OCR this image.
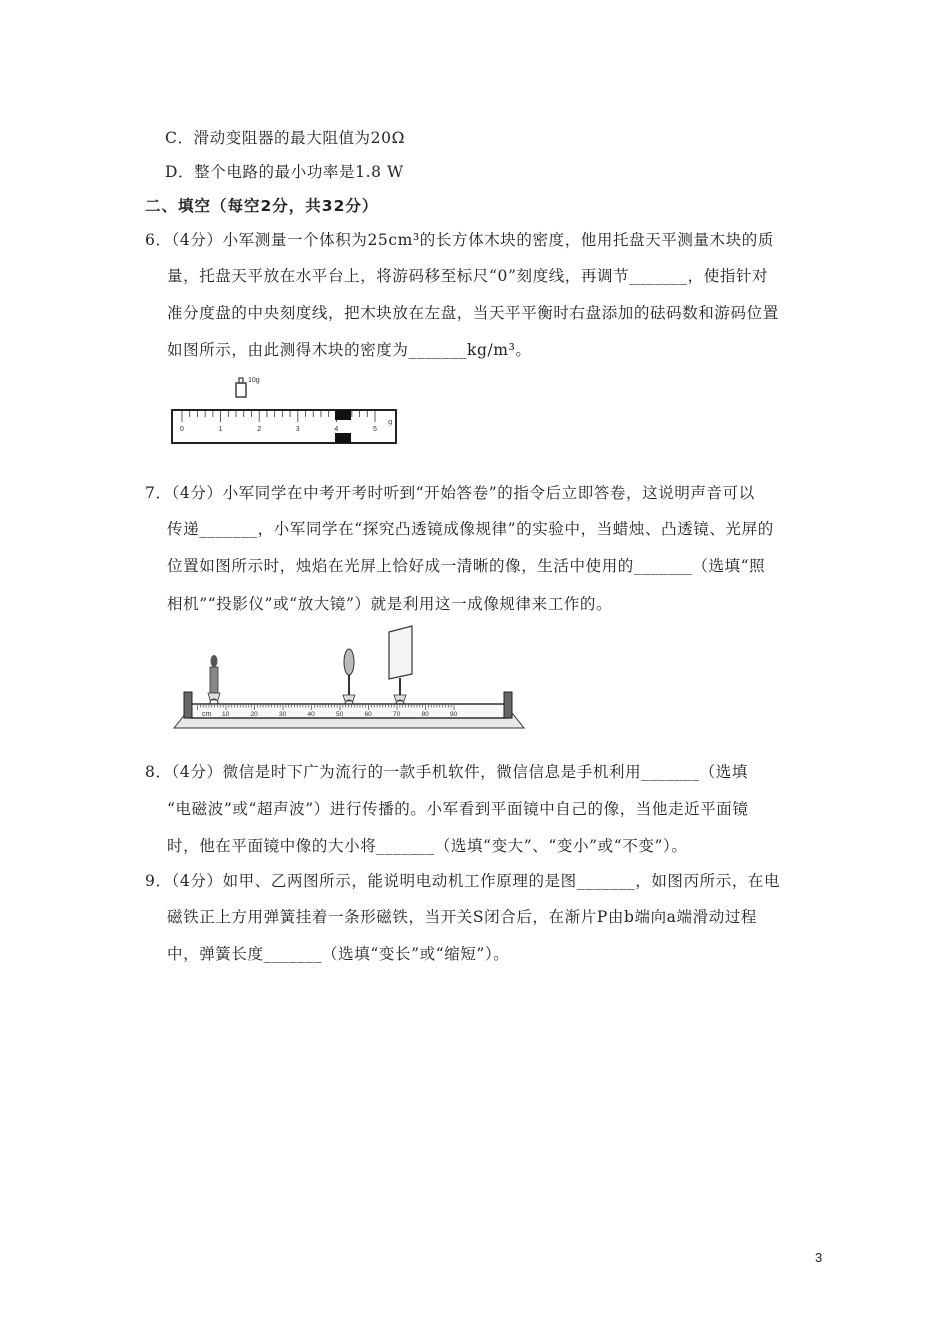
C．滑动变阻器的最大阻值为20Ω
D．整个电路的最小功率是1.8 W
二、填空（每空2分，共32分）
6．（4分）小军测量一个体积为25cm³的长方体木块的密度，他用托盘天平测量木块的质
量，托盘天平放在水平台上，将游码移至标尺“0”刻度线，再调节_______，使指针对
准分度盘的中央刻度线，把木块放在左盘，当天平平衡时右盘添加的砝码数和游码位置
如图所示，由此测得木块的密度为_______kg/m³。
10g
0	1	2	3	4	5
g
7．（4分）小军同学在中考开考时听到“开始答卷”的指令后立即答卷，这说明声音可以
传递_______，小军同学在“探究凸透镜成像规律”的实验中，当蜡烛、凸透镜、光屏的
位置如图所示时，烛焰在光屏上恰好成一清晰的像，生活中使用的_______（选填“照
相机”“投影仪”或“放大镜”）就是利用这一成像规律来工作的。
10	20	30	40	50	60	70	80	90
cm
8．（4分）微信是时下广为流行的一款手机软件，微信信息是手机利用_______（选填
“电磁波”或“超声波”）进行传播的。小军看到平面镜中自己的像，当他走近平面镜
时，他在平面镜中像的大小将_______（选填“变大”、“变小”或“不变”）。
9．（4分）如甲、乙两图所示，能说明电动机工作原理的是图_______，如图丙所示，在电
磁铁正上方用弹簧挂着一条形磁铁，当开关S闭合后，在渐片P由b端向a端滑动过程
中，弹簧长度_______（选填“变长”或“缩短”）。
3
